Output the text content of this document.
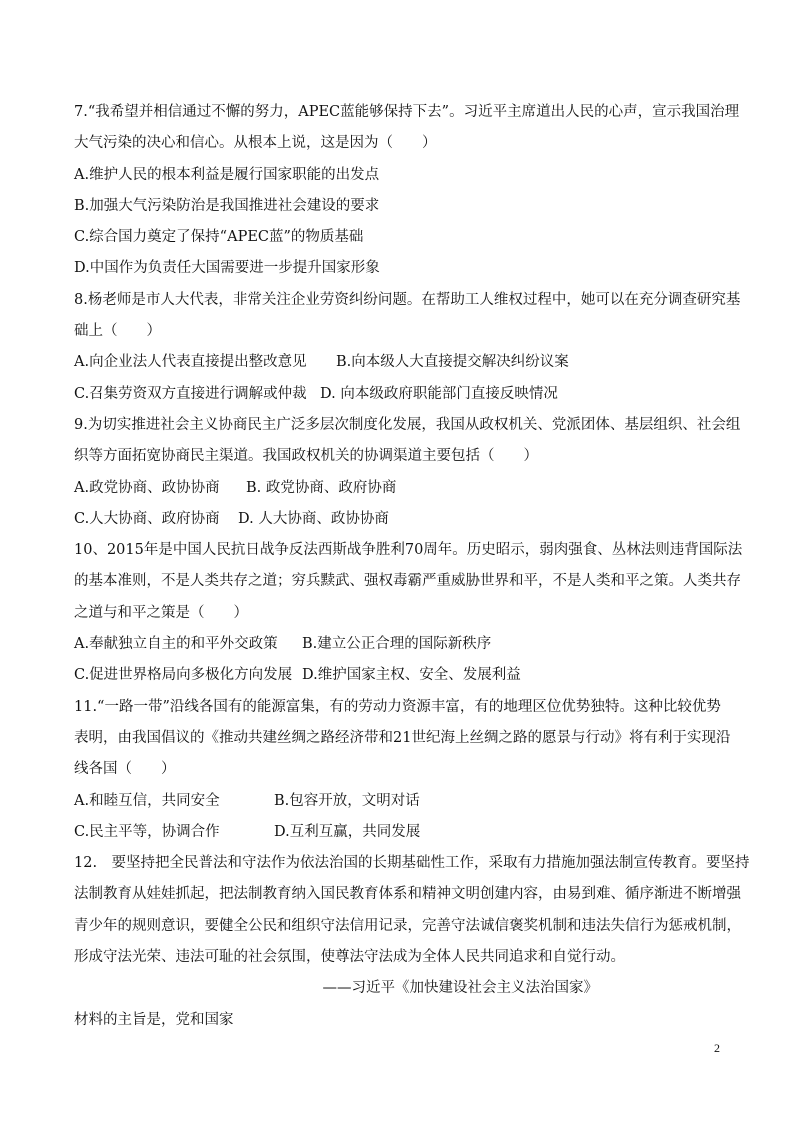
7.“我希望并相信通过不懈的努力，APEC蓝能够保持下去”。习近平主席道出人民的心声，宣示我国治理
大气污染的决心和信心。从根本上说，这是因为（　　）
A.维护人民的根本利益是履行国家职能的出发点
B.加强大气污染防治是我国推进社会建设的要求
C.综合国力奠定了保持“APEC蓝”的物质基础
D.中国作为负责任大国需要进一步提升国家形象
8.杨老师是市人大代表，非常关注企业劳资纠纷问题。在帮助工人维权过程中，她可以在充分调查研究基
础上（　　）
A.向企业法人代表直接提出整改意见	B.向本级人大直接提交解决纠纷议案
C.召集劳资双方直接进行调解或仲裁 D. 向本级政府职能部门直接反映情况
9.为切实推进社会主义协商民主广泛多层次制度化发展，我国从政权机关、党派团体、基层组织、社会组
织等方面拓宽协商民主渠道。我国政权机关的协调渠道主要包括（　　）
A.政党协商、政协协商	B. 政党协商、政府协商
C.人大协商、政府协商	D. 人大协商、政协协商
10、2015年是中国人民抗日战争反法西斯战争胜利70周年。历史昭示，弱肉强食、丛林法则违背国际法
的基本准则，不是人类共存之道；穷兵黩武、强权毒霸严重威胁世界和平，不是人类和平之策。人类共存
之道与和平之策是（　　）
A.奉献独立自主的和平外交政策	B.建立公正合理的国际新秩序
C.促进世界格局向多极化方向发展 D.维护国家主权、安全、发展利益
11.“一路一带”沿线各国有的能源富集，有的劳动力资源丰富，有的地理区位优势独特。这种比较优势
表明，由我国倡议的《推动共建丝绸之路经济带和21世纪海上丝绸之路的愿景与行动》将有利于实现沿
线各国（　　）
A.和睦互信，共同安全	B.包容开放，文明对话
C.民主平等，协调合作	D.互利互赢，共同发展
12.　要坚持把全民普法和守法作为依法治国的长期基础性工作，采取有力措施加强法制宣传教育。要坚持
法制教育从娃娃抓起，把法制教育纳入国民教育体系和精神文明创建内容，由易到难、循序渐进不断增强
青少年的规则意识，要健全公民和组织守法信用记录，完善守法诚信褒奖机制和违法失信行为惩戒机制，
形成守法光荣、违法可耻的社会氛围，使尊法守法成为全体人民共同追求和自觉行动。
——习近平《加快建设社会主义法治国家》
材料的主旨是，党和国家
2
